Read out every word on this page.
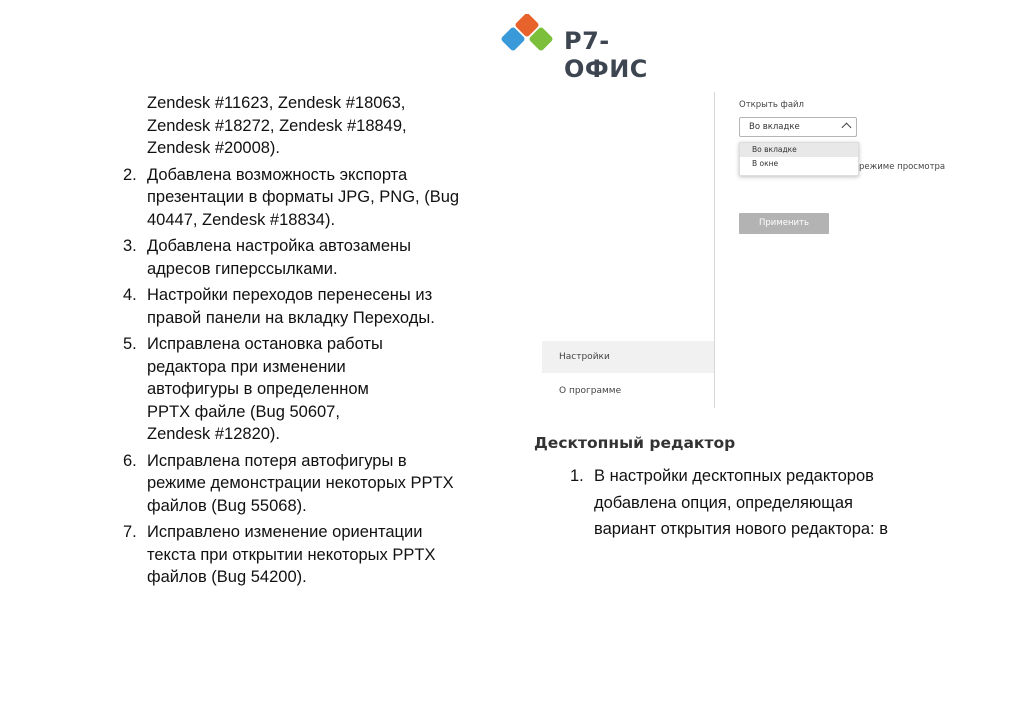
Р7-ОФИС
Zendesk #11623, Zendesk #18063,
Zendesk #18272, Zendesk #18849,
Zendesk #20008).
2. Добавлена возможность экспорта
презентации в форматы JPG, PNG, (Bug
40447, Zendesk #18834).
3. Добавлена настройка автозамены
адресов гиперссылками.
4. Настройки переходов перенесены из
правой панели на вкладку Переходы.
5. Исправлена остановка работы
редактора при изменении
автофигуры в определенном
PPTX файле (Bug 50607,
Zendesk #12820).
6. Исправлена потеря автофигуры в
режиме демонстрации некоторых PPTX
файлов (Bug 55068).
7. Исправлено изменение ориентации
текста при открытии некоторых PPTX
файлов (Bug 54200).
Настройки
О программе
Открыть файл
Во вкладке
Во вкладке
В окне	режиме просмотра
Применить
Десктопный редактор
1. В настройки десктопных редакторов
добавлена опция, определяющая
вариант открытия нового редактора: в
